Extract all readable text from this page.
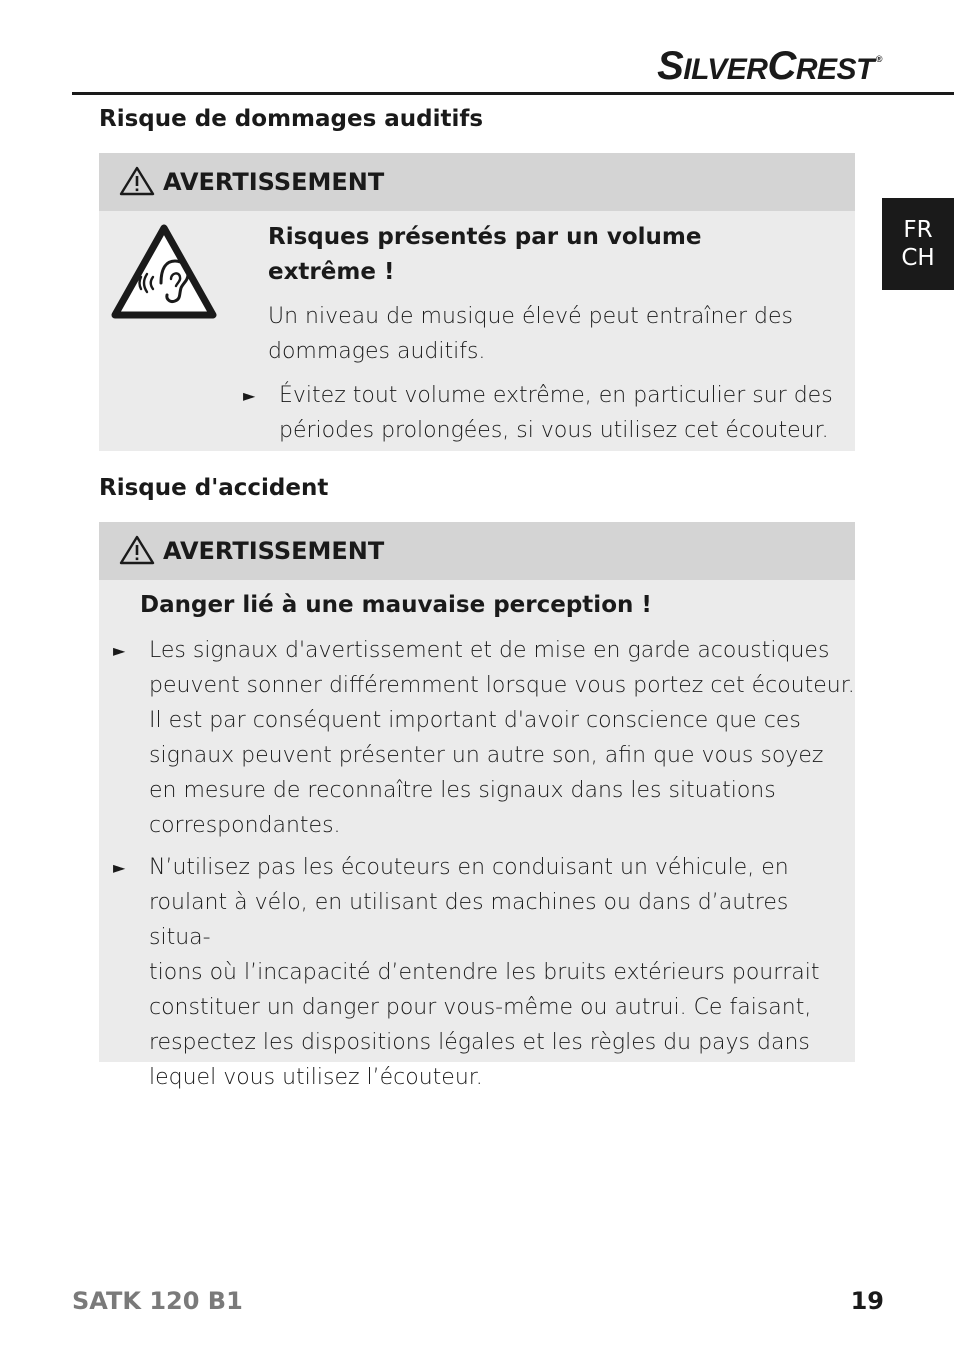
SILVERCREST ®
FR
CH
Risque de dommages auditifs
AVERTISSEMENT

Risques présentés par un volume

extrême !

Un niveau de musique élevé peut entraîner des

dommages auditifs.

►	Évitez tout volume extrême, en particulier sur des

périodes prolongées, si vous utilisez cet écouteur.

Risque d'accident
AVERTISSEMENT

Danger lié à une mauvaise perception !

►	Les signaux d'avertissement et de mise en garde acoustiques

peuvent sonner différemment lorsque vous portez cet écouteur.

Il est par conséquent important d'avoir conscience que ces

signaux peuvent présenter un autre son, afin que vous soyez

en mesure de reconnaître les signaux dans les situations

correspondantes.

►	N’utilisez pas les écouteurs en conduisant un véhicule, en

roulant à vélo, en utilisant des machines ou dans d’autres situa-

tions où l’incapacité d’entendre les bruits extérieurs pourrait

constituer un danger pour vous-même ou autrui. Ce faisant,

respectez les dispositions légales et les règles du pays dans

lequel vous utilisez l’écouteur.

SATK 120 B1	19
